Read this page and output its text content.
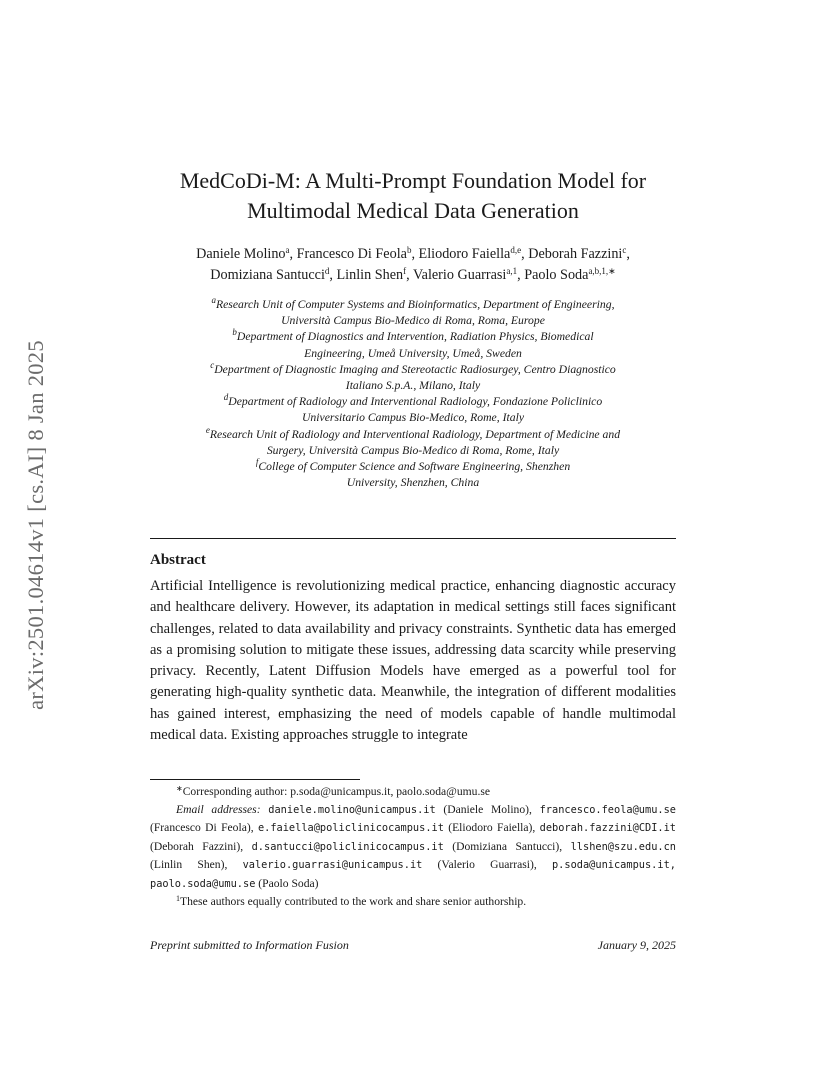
arXiv:2501.04614v1 [cs.AI] 8 Jan 2025
MedCoDi-M: A Multi-Prompt Foundation Model for
Multimodal Medical Data Generation
Daniele Molino$^a$, Francesco Di Feola$^b$, Eliodoro Faiella$^{d,e}$, Deborah Fazzini$^c$,
Domiziana Santucci$^d$, Linlin Shen$^f$, Valerio Guarrasi$^{a,1}$, Paolo Soda$^{a,b,1,∗}$
$^a$Research Unit of Computer Systems and Bioinformatics, Department of Engineering,
Università Campus Bio-Medico di Roma, Roma, Europe
$^b$Department of Diagnostics and Intervention, Radiation Physics, Biomedical
Engineering, Umeå University, Umeå, Sweden
$^c$Department of Diagnostic Imaging and Stereotactic Radiosurgey, Centro Diagnostico
Italiano S.p.A., Milano, Italy
$^d$Department of Radiology and Interventional Radiology, Fondazione Policlinico
Universitario Campus Bio-Medico, Rome, Italy
$^e$Research Unit of Radiology and Interventional Radiology, Department of Medicine and
Surgery, Università Campus Bio-Medico di Roma, Rome, Italy
$^f$College of Computer Science and Software Engineering, Shenzhen
University, Shenzhen, China
Abstract
Artificial Intelligence is revolutionizing medical practice, enhancing diagnostic accuracy and healthcare delivery. However, its adaptation in medical settings still faces significant challenges, related to data availability and privacy constraints. Synthetic data has emerged as a promising solution to mitigate these issues, addressing data scarcity while preserving privacy. Recently, Latent Diffusion Models have emerged as a powerful tool for generating high-quality synthetic data. Meanwhile, the integration of different modalities has gained interest, emphasizing the need of models capable of handle multimodal medical data. Existing approaches struggle to integrate
∗Corresponding author: p.soda@unicampus.it, paolo.soda@umu.se
Email addresses: daniele.molino@unicampus.it (Daniele Molino), francesco.feola@umu.se (Francesco Di Feola), e.faiella@policlinicocampus.it (Eliodoro Faiella), deborah.fazzini@CDI.it (Deborah Fazzini), d.santucci@policlinicocampus.it (Domiziana Santucci), llshen@szu.edu.cn (Linlin Shen), valerio.guarrasi@unicampus.it (Valerio Guarrasi), p.soda@unicampus.it, paolo.soda@umu.se (Paolo Soda)
$^1$These authors equally contributed to the work and share senior authorship.
Preprint submitted to Information Fusion	January 9, 2025
